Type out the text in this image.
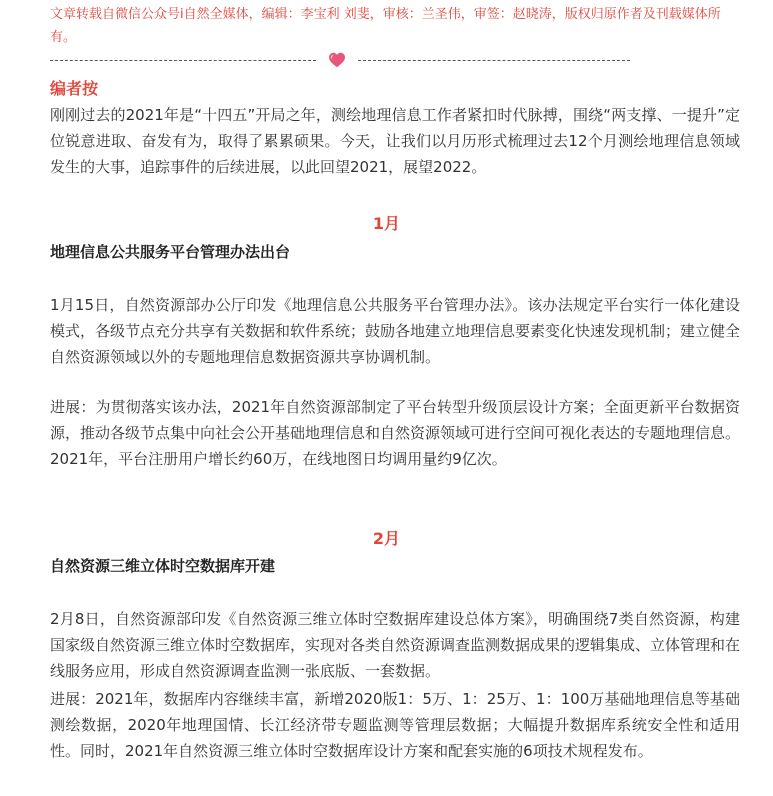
文章转载自微信公众号i自然全媒体，编辑：李宝利 刘斐，审核：兰圣伟，审签：赵晓涛，版权归原作者及刊载媒体所有。

编者按

刚刚过去的2021年是“十四五”开局之年，测绘地理信息工作者紧扣时代脉搏，围绕“两支撑、一提升”定位锐意进取、奋发有为，取得了累累硕果。今天，让我们以月历形式梳理过去12个月测绘地理信息领域发生的大事，追踪事件的后续进展，以此回望2021，展望2022。

1月
地理信息公共服务平台管理办法出台

1月15日，自然资源部办公厅印发《地理信息公共服务平台管理办法》。该办法规定平台实行一体化建设模式，各级节点充分共享有关数据和软件系统；鼓励各地建立地理信息要素变化快速发现机制；建立健全自然资源领域以外的专题地理信息数据资源共享协调机制。

进展：为贯彻落实该办法，2021年自然资源部制定了平台转型升级顶层设计方案；全面更新平台数据资源，推动各级节点集中向社会公开基础地理信息和自然资源领域可进行空间可视化表达的专题地理信息。2021年，平台注册用户增长约60万，在线地图日均调用量约9亿次。

2月
自然资源三维立体时空数据库开建

2月8日，自然资源部印发《自然资源三维立体时空数据库建设总体方案》，明确围绕7类自然资源，构建国家级自然资源三维立体时空数据库，实现对各类自然资源调查监测数据成果的逻辑集成、立体管理和在线服务应用，形成自然资源调查监测一张底版、一套数据。

进展：2021年，数据库内容继续丰富，新增2020版1：5万、1：25万、1：100万基础地理信息等基础测绘数据，2020年地理国情、长江经济带专题监测等管理层数据；大幅提升数据库系统安全性和适用性。同时，2021年自然资源三维立体时空数据库设计方案和配套实施的6项技术规程发布。
